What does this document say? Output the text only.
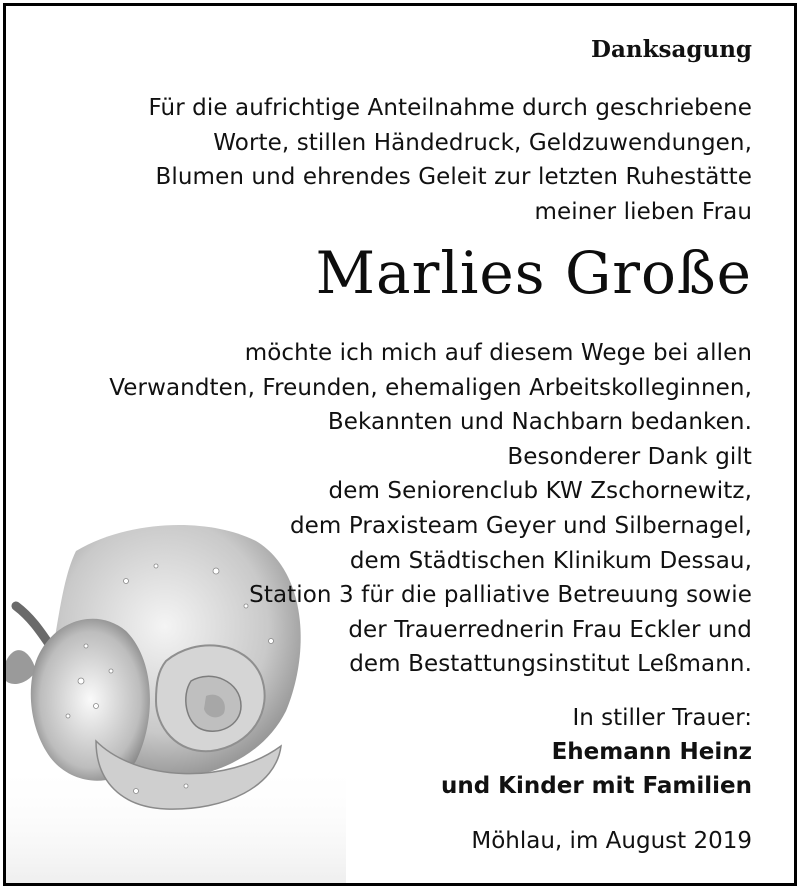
Danksagung
Für die aufrichtige Anteilnahme durch geschriebene
Worte, stillen Händedruck, Geldzuwendungen,
Blumen und ehrendes Geleit zur letzten Ruhestätte
meiner lieben Frau
Marlies Große
möchte ich mich auf diesem Wege bei allen
Verwandten, Freunden, ehemaligen Arbeitskolleginnen,
Bekannten und Nachbarn bedanken.
Besonderer Dank gilt
dem Seniorenclub KW Zschornewitz,
dem Praxisteam Geyer und Silbernagel,
dem Städtischen Klinikum Dessau,
Station 3 für die palliative Betreuung sowie
der Trauerrednerin Frau Eckler und
dem Bestattungsinstitut Leßmann.
In stiller Trauer:
Ehemann Heinz
und Kinder mit Familien
Möhlau, im August 2019
